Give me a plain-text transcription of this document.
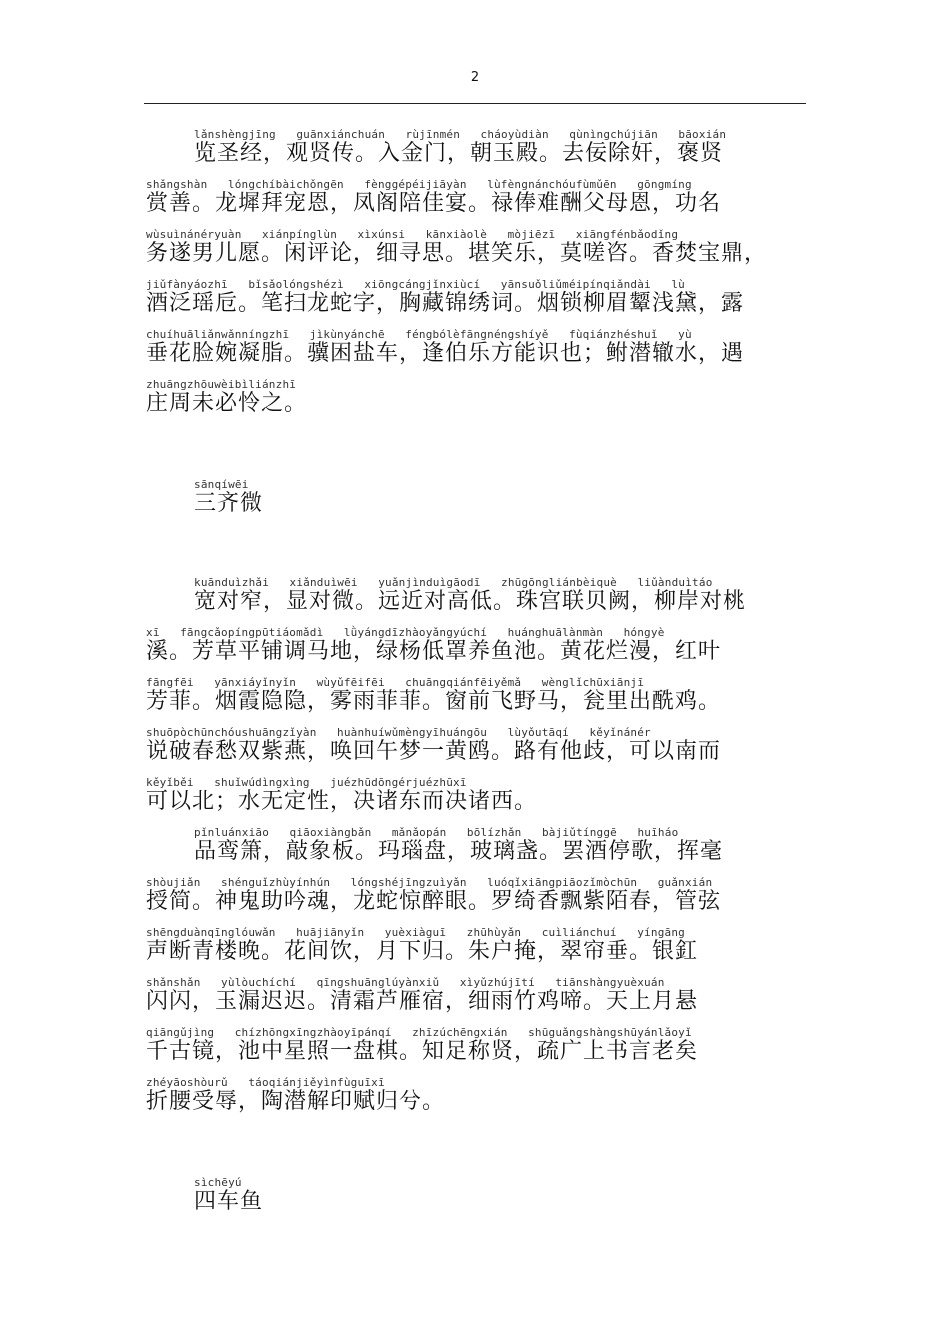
2
lǎnshèngjīng   guānxiánchuán   rùjīnmén   cháoyùdiàn   qùnìngchújiān   bāoxián
览圣经，观贤传。入金门，朝玉殿。去佞除奸，褒贤
shǎngshàn   lóngchíbàichǒngēn   fènggépéijiāyàn   lùfèngnánchóufùmǔēn   gōngmíng
赏善。龙墀拜宠恩，凤阁陪佳宴。禄俸难酬父母恩，功名
wùsuìnánéryuàn   xiánpínglùn   xìxúnsi   kānxiàolè   mòjiēzī   xiāngfénbǎodǐng
务遂男儿愿。闲评论，细寻思。堪笑乐，莫嗟咨。香焚宝鼎，
jiǔfànyáozhī   bǐsǎolóngshézì   xiōngcángjǐnxiùcí   yānsuǒliǔméipínqiǎndài   lù
酒泛瑶卮。笔扫龙蛇字，胸藏锦绣词。烟锁柳眉颦浅黛，露
chuíhuāliǎnwǎnníngzhī   jìkùnyánchē   féngbólèfāngnéngshíyě   fùqiánzhéshuǐ   yù
垂花脸婉凝脂。骥困盐车，逢伯乐方能识也；鲋潜辙水，遇
zhuāngzhōuwèibìliánzhī
庄周未必怜之。
sānqíwēi
三齐微
kuānduìzhǎi   xiǎnduìwēi   yuǎnjìnduìgāodī   zhūgōngliánbèiquè   liǔànduìtáo
宽对窄，显对微。远近对高低。珠宫联贝阙，柳岸对桃
xī   fāngcǎopíngpūtiáomǎdì   lǜyángdīzhàoyǎngyúchí   huánghuālànmàn   hóngyè
溪。芳草平铺调马地，绿杨低罩养鱼池。黄花烂漫，红叶
fāngfēi   yānxiáyǐnyǐn   wùyǔfēifēi   chuāngqiánfēiyěmǎ   wènglǐchūxiānjī
芳菲。烟霞隐隐，雾雨菲菲。窗前飞野马，瓮里出酰鸡。
shuōpòchūnchóushuāngzǐyàn   huànhuíwǔmèngyīhuángōu   lùyǒutāqí   kěyǐnánér
说破春愁双紫燕，唤回午梦一黄鸥。路有他歧，可以南而
kěyǐběi   shuǐwúdìngxìng   juézhūdōngérjuézhūxī
可以北；水无定性，决诸东而决诸西。
pǐnluánxiāo   qiāoxiàngbǎn   mǎnǎopán   bōlízhǎn   bàjiǔtínggē   huīháo
品鸾箫，敲象板。玛瑙盘，玻璃盏。罢酒停歌，挥毫
shòujiǎn   shénguǐzhùyínhún   lóngshéjīngzuìyǎn   luóqǐxiāngpiāozǐmòchūn   guǎnxián
授简。神鬼助吟魂，龙蛇惊醉眼。罗绮香飘紫陌春，管弦
shēngduànqīnglóuwǎn   huājiānyǐn   yuèxiàguī   zhūhùyǎn   cuìliánchuí   yíngāng
声断青楼晚。花间饮，月下归。朱户掩，翠帘垂。银釭
shǎnshǎn   yùlòuchíchí   qīngshuānglúyànxiǔ   xìyǔzhújītí   tiānshàngyuèxuán
闪闪，玉漏迟迟。清霜芦雁宿，细雨竹鸡啼。天上月悬
qiāngǔjìng   chízhōngxīngzhàoyīpánqí   zhīzúchēngxián   shūguǎngshàngshūyánlǎoyǐ
千古镜，池中星照一盘棋。知足称贤，疏广上书言老矣
zhéyāoshòurǔ   táoqiánjiěyìnfùguīxī
折腰受辱，陶潜解印赋归兮。
sìchēyú
四车鱼
